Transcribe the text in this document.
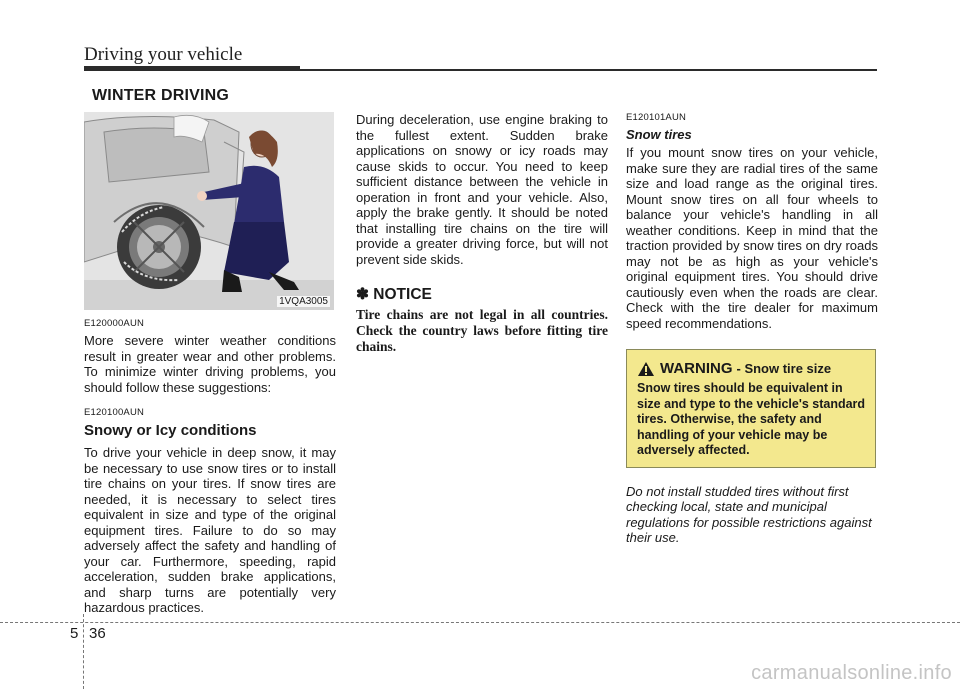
Driving your vehicle
WINTER DRIVING
1VQA3005
E120000AUN

More severe winter weather conditions result in greater wear and other problems. To minimize winter driving problems, you should follow these suggestions:

E120100AUN
Snowy or Icy conditions

To drive your vehicle in deep snow, it may be necessary to use snow tires or to install tire chains on your tires. If snow tires are needed, it is necessary to select tires equivalent in size and type of the original equipment tires. Failure to do so may adversely affect the safety and handling of your car. Furthermore, speeding, rapid acceleration, sudden brake applications, and sharp turns are potentially very hazardous practices.

During deceleration, use engine braking to the fullest extent. Sudden brake applications on snowy or icy roads may cause skids to occur. You need to keep sufficient distance between the vehicle in operation in front and your vehicle. Also, apply the brake gently. It should be noted that installing tire chains on the tire will provide a greater driving force, but will not prevent side skids.

✽ NOTICE

Tire chains are not legal in all countries. Check the country laws before fitting tire chains.

E120101AUN
Snow tires

If you mount snow tires on your vehicle, make sure they are radial tires of the same size and load range as the original tires. Mount snow tires on all four wheels to balance your vehicle's handling in all weather conditions. Keep in mind that the traction provided by snow tires on dry roads may not be as high as your vehicle's original equipment tires. You should drive cautiously even when the roads are clear. Check with the tire dealer for maximum speed recommendations.

WARNING - Snow tire size

Snow tires should be equivalent in size and type to the vehicle's standard tires. Otherwise, the safety and handling of your vehicle may be adversely affected.

Do not install studded tires without first checking local, state and municipal regulations for possible restrictions against their use.

5 36
carmanualsonline.info
